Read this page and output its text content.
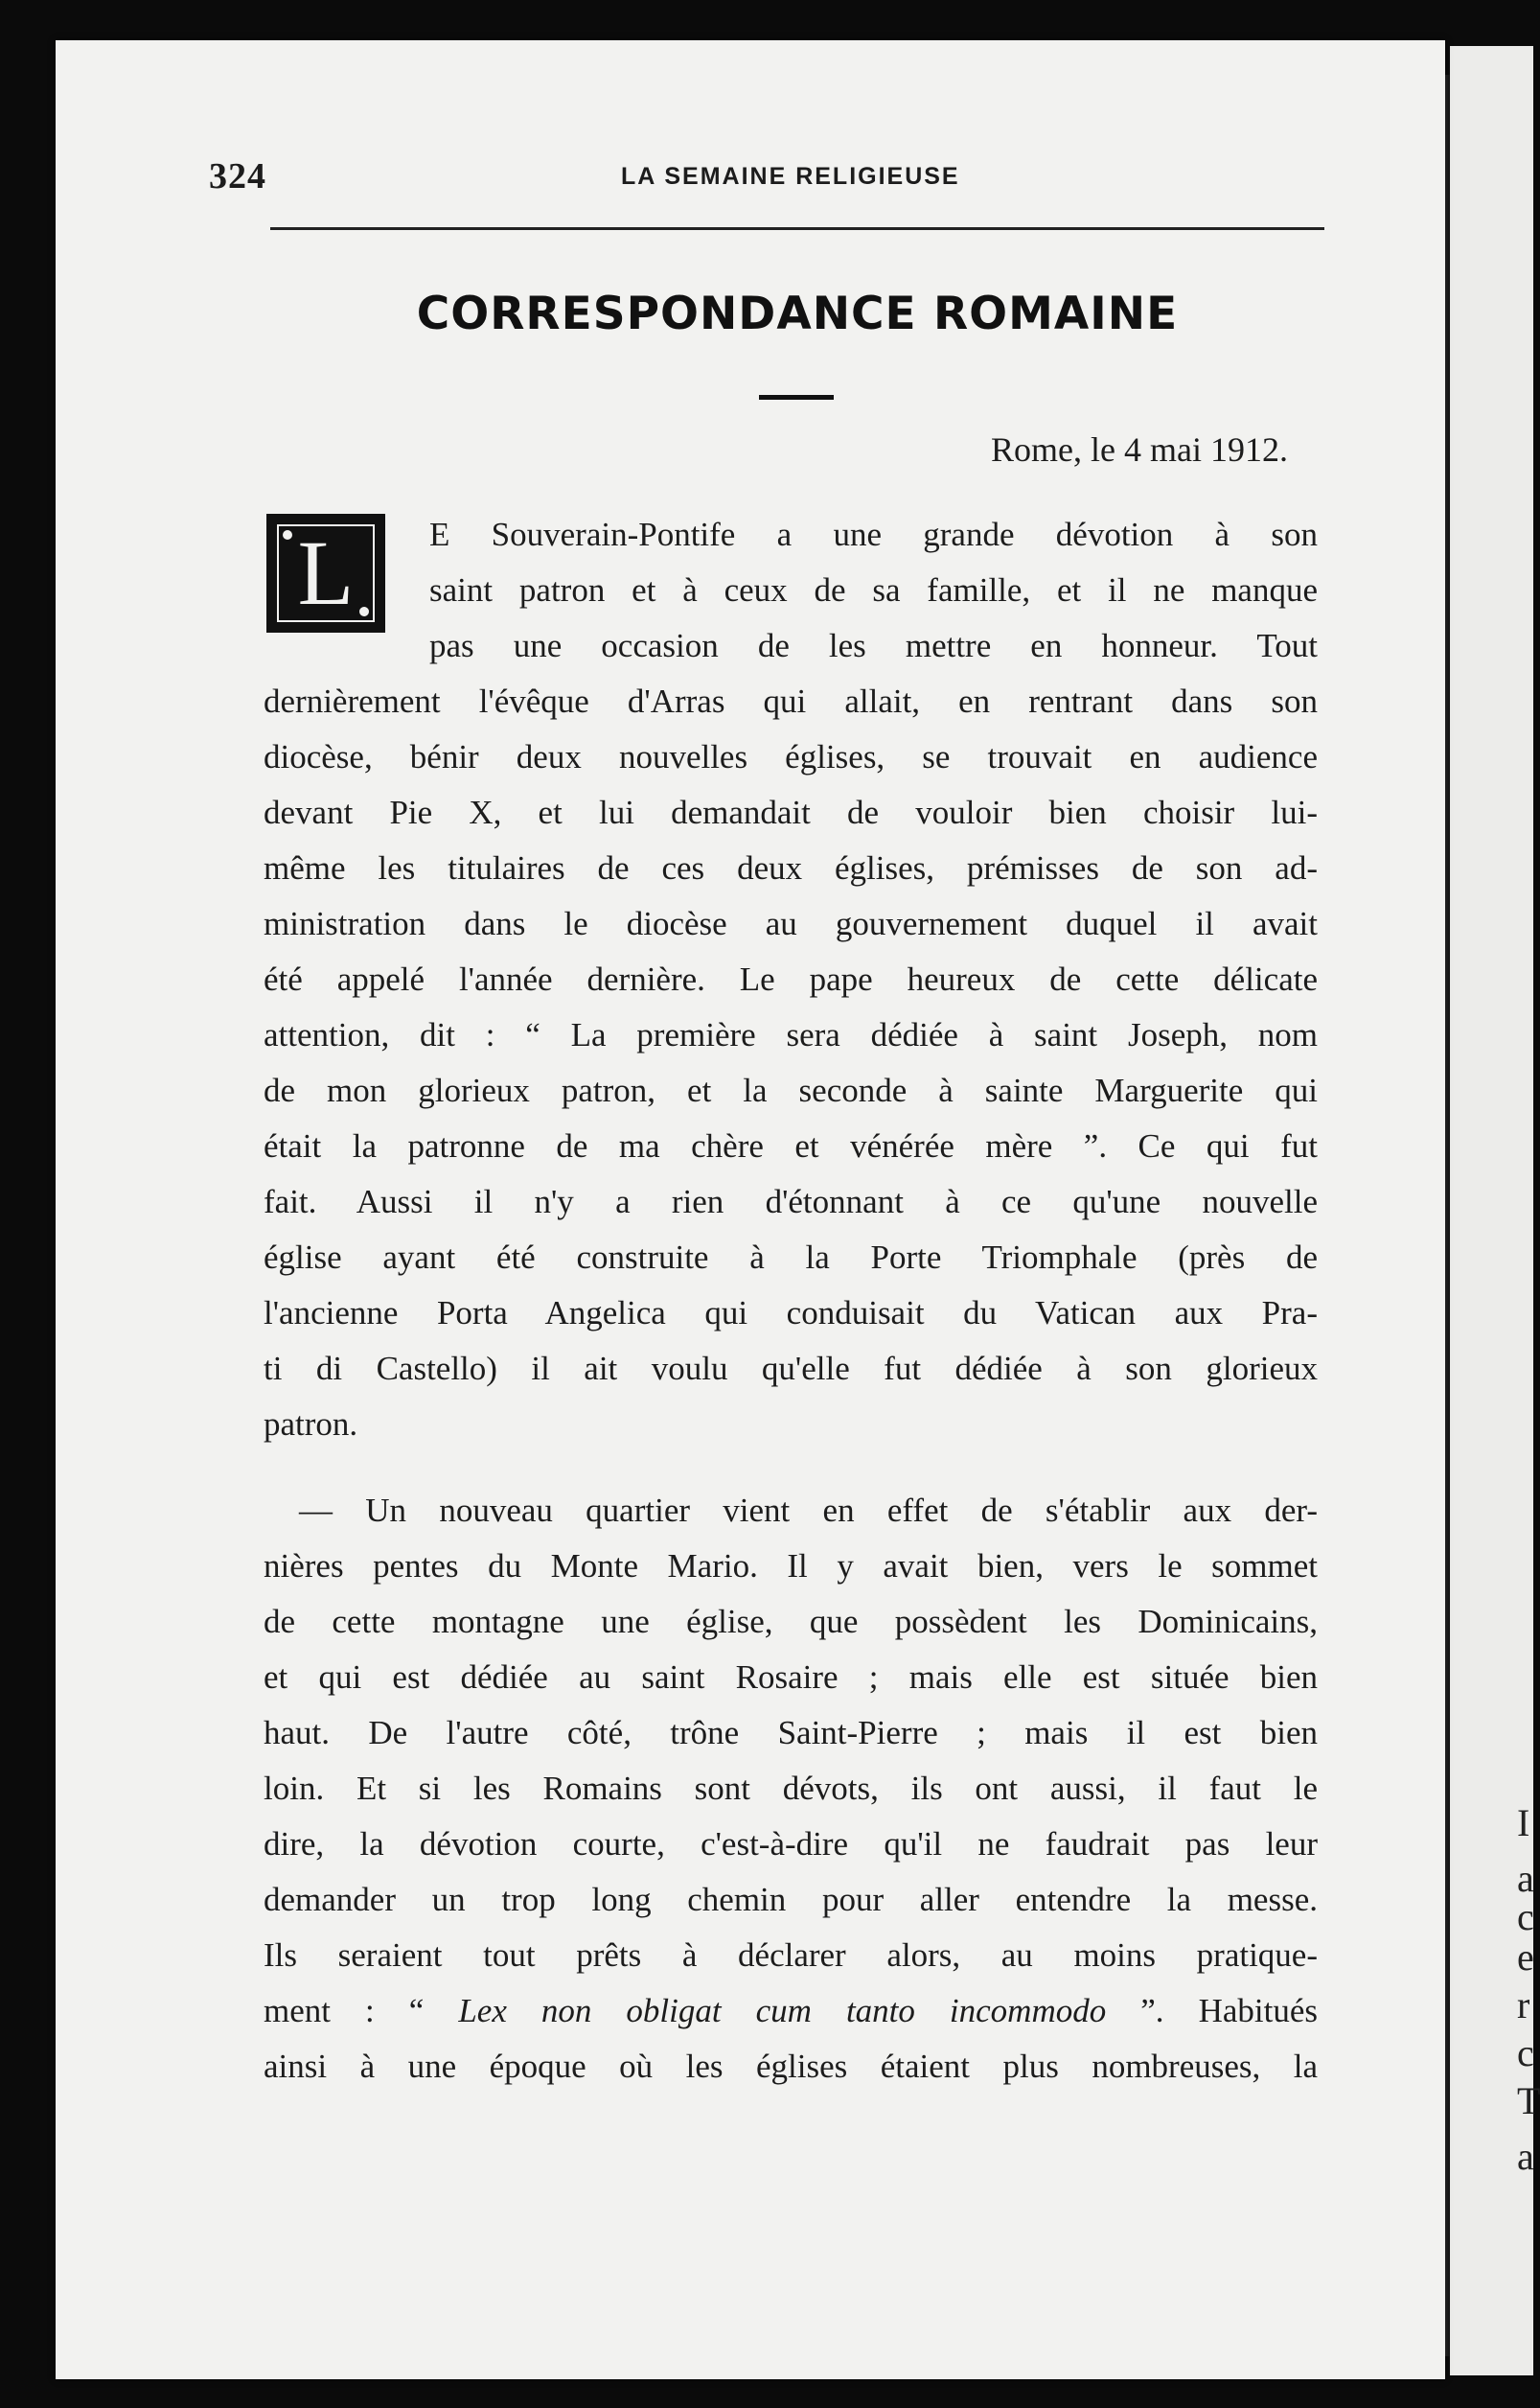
I
a
c
e
r
c
T
a
324	LA SEMAINE RELIGIEUSE
CORRESPONDANCE ROMAINE
Rome, le 4 mai 1912.
L	E Souverain-Pontife a une grande dévotion à son
saint patron et à ceux de sa famille, et il ne manque
pas une occasion de les mettre en honneur. Tout
dernièrement l'évêque d'Arras qui allait, en rentrant dans son
diocèse, bénir deux nouvelles églises, se trouvait en audience
devant Pie X, et lui demandait de vouloir bien choisir lui-
même les titulaires de ces deux églises, prémisses de son ad-
ministration dans le diocèse au gouvernement duquel il avait
été appelé l'année dernière. Le pape heureux de cette délicate
attention, dit : “ La première sera dédiée à saint Joseph, nom
de mon glorieux patron, et la seconde à sainte Marguerite qui
était la patronne de ma chère et vénérée mère ”. Ce qui fut
fait. Aussi il n'y a rien d'étonnant à ce qu'une nouvelle
église ayant été construite à la Porte Triomphale (près de
l'ancienne Porta Angelica qui conduisait du Vatican aux Pra-
ti di Castello) il ait voulu qu'elle fut dédiée à son glorieux
patron.
— Un nouveau quartier vient en effet de s'établir aux der-
nières pentes du Monte Mario. Il y avait bien, vers le sommet
de cette montagne une église, que possèdent les Dominicains,
et qui est dédiée au saint Rosaire ; mais elle est située bien
haut. De l'autre côté, trône Saint-Pierre ; mais il est bien
loin. Et si les Romains sont dévots, ils ont aussi, il faut le
dire, la dévotion courte, c'est-à-dire qu'il ne faudrait pas leur
demander un trop long chemin pour aller entendre la messe.
Ils seraient tout prêts à déclarer alors, au moins pratique-
ment : “ Lex non obligat cum tanto incommodo ”. Habitués
ainsi à une époque où les églises étaient plus nombreuses, la
